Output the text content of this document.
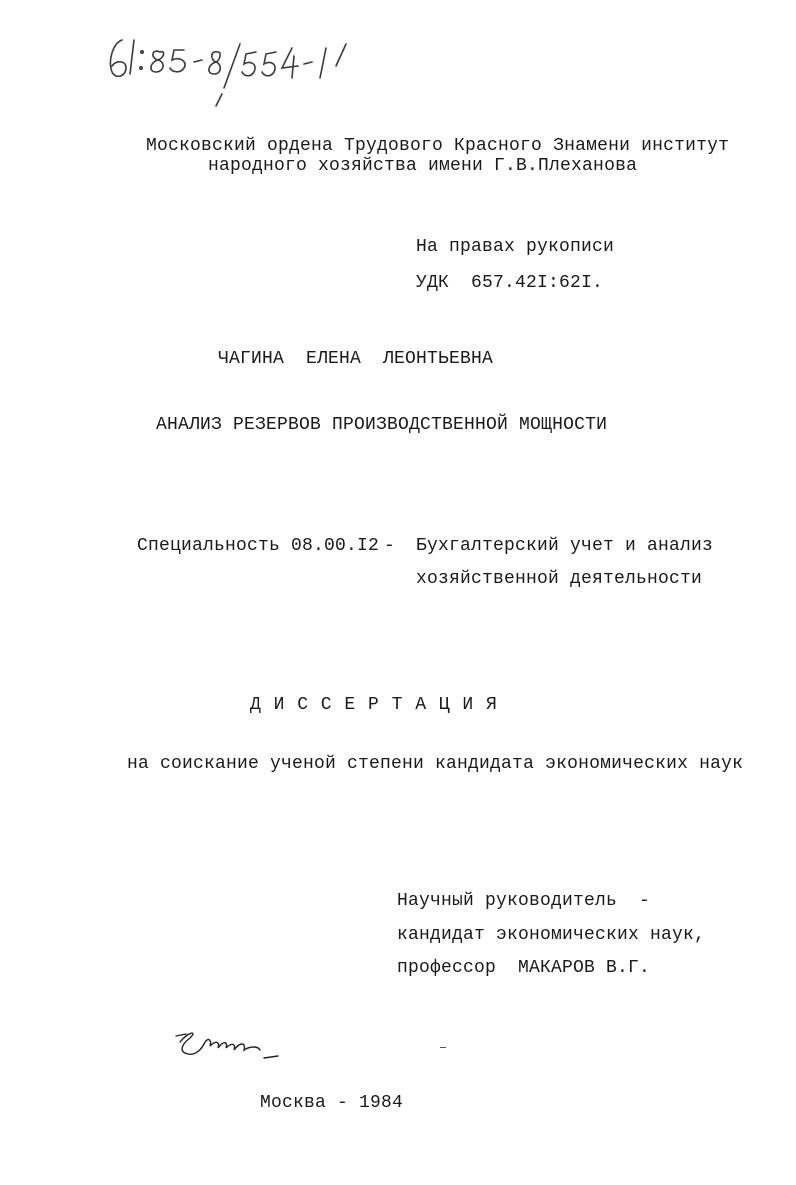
Московский ордена Трудового Красного Знамени институт
народного хозяйства имени Г.В.Плеханова
На правах рукописи
УДК  657.42I:62I.
ЧАГИНА  ЕЛЕНА  ЛЕОНТЬЕВНА
АНАЛИЗ РЕЗЕРВОВ ПРОИЗВОДСТВЕННОЙ МОЩНОСТИ
Специальность 08.00.I2 - Бухгалтерский учет и анализ
хозяйственной деятельности
Д И С С Е Р Т А Ц И Я
на соискание ученой степени кандидата экономических наук
Научный руководитель  -
кандидат экономических наук,
профессор  МАКАРОВ В.Г.
Москва - 1984
